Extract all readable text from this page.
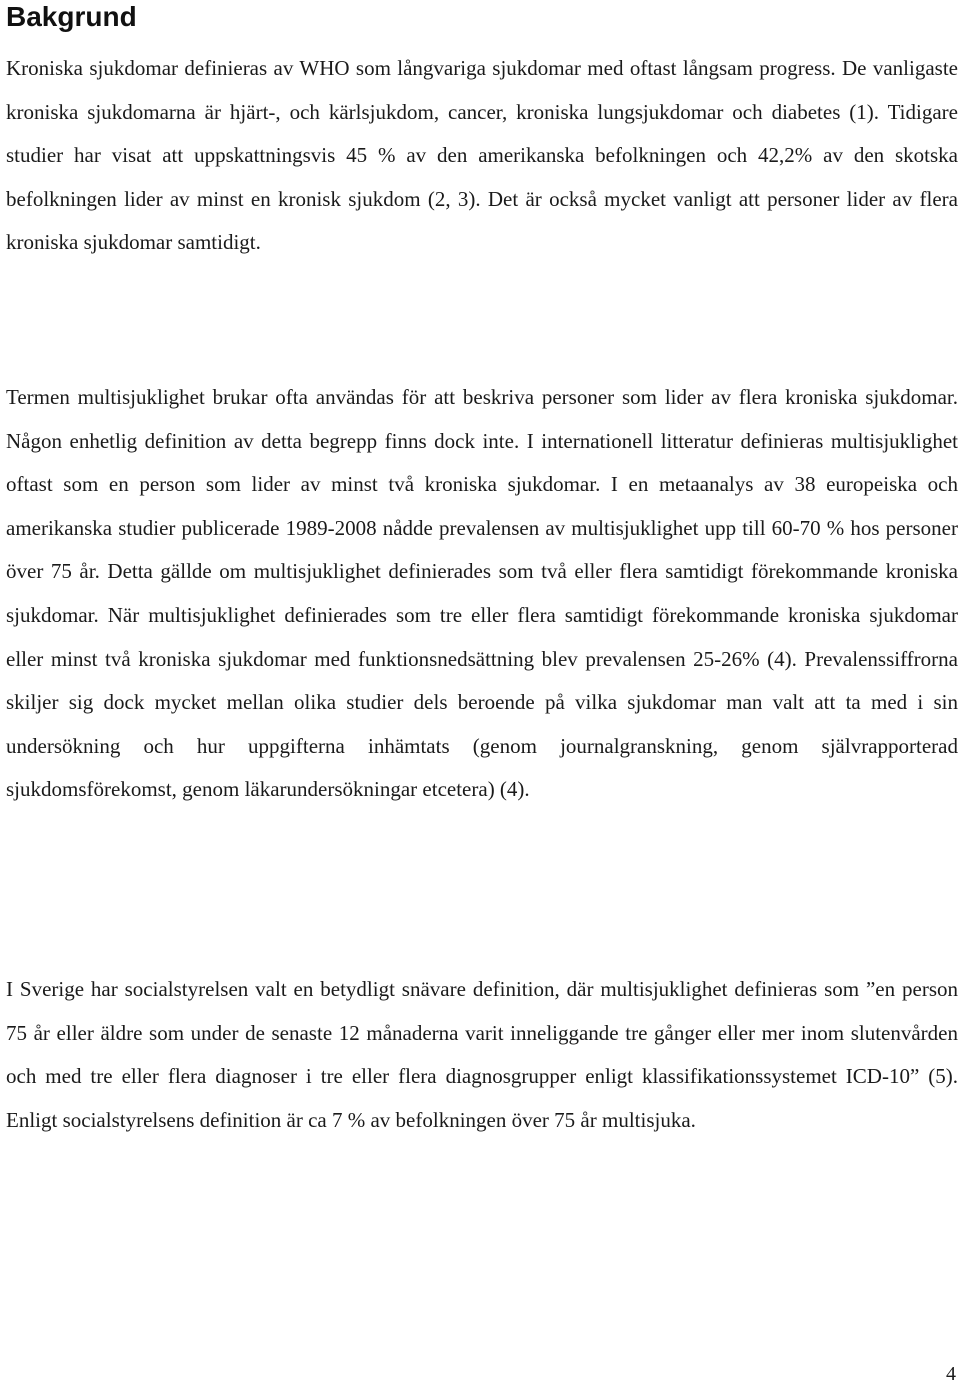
Bakgrund

Kroniska sjukdomar definieras av WHO som långvariga sjukdomar med oftast långsam progress. De vanligaste kroniska sjukdomarna är hjärt-, och kärlsjukdom, cancer, kroniska lungsjukdomar och diabetes (1). Tidigare studier har visat att uppskattningsvis 45 % av den amerikanska befolkningen och 42,2% av den skotska befolkningen lider av minst en kronisk sjukdom (2, 3). Det är också mycket vanligt att personer lider av flera kroniska sjukdomar samtidigt.

Termen multisjuklighet brukar ofta användas för att beskriva personer som lider av flera kroniska sjukdomar. Någon enhetlig definition av detta begrepp finns dock inte. I internationell litteratur definieras multisjuklighet oftast som en person som lider av minst två kroniska sjukdomar. I en metaanalys av 38 europeiska och amerikanska studier publicerade 1989-2008 nådde prevalensen av multisjuklighet upp till 60-70 % hos personer över 75 år. Detta gällde om multisjuklighet definierades som två eller flera samtidigt förekommande kroniska sjukdomar. När multisjuklighet definierades som tre eller flera samtidigt förekommande kroniska sjukdomar eller minst två kroniska sjukdomar med funktionsnedsättning blev prevalensen 25-26% (4). Prevalenssiffrorna skiljer sig dock mycket mellan olika studier dels beroende på vilka sjukdomar man valt att ta med i sin undersökning och hur uppgifterna inhämtats (genom journalgranskning, genom självrapporterad sjukdomsförekomst, genom läkarundersökningar etcetera) (4).

I Sverige har socialstyrelsen valt en betydligt snävare definition, där multisjuklighet definieras som ”en person 75 år eller äldre som under de senaste 12 månaderna varit inneliggande tre gånger eller mer inom slutenvården och med tre eller flera diagnoser i tre eller flera diagnosgrupper enligt klassifikationssystemet ICD-10” (5). Enligt socialstyrelsens definition är ca 7 % av befolkningen över 75 år multisjuka.

4
